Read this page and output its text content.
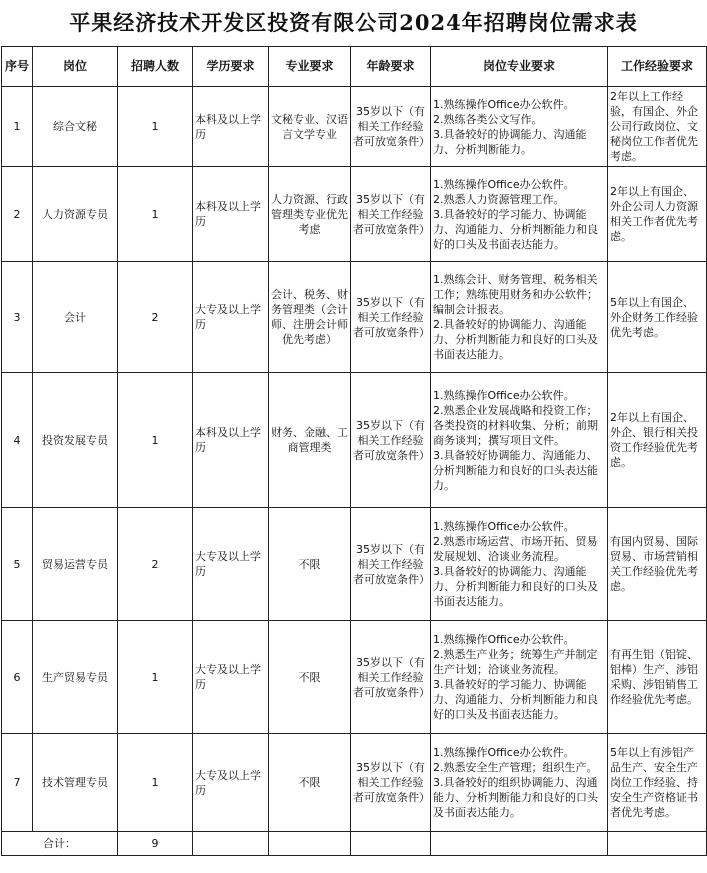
平果经济技术开发区投资有限公司2024年招聘岗位需求表
序号	岗位	招聘人数	学历要求	专业要求	年龄要求	岗位专业要求	工作经验要求
1	综合文秘	1	本科及以上学历	文秘专业、汉语言文学专业	35岁以下（有相关工作经验者可放宽条件）	1.熟练操作Office办公软件。
2.熟练各类公文写作。
3.具备较好的协调能力、沟通能力、分析判断能力。	2年以上工作经验，有国企、外企公司行政岗位、文秘岗位工作者优先考虑。
2	人力资源专员	1	本科及以上学历	人力资源、行政管理类专业优先考虑	35岁以下（有相关工作经验者可放宽条件）	1.熟练操作Office办公软件。
2.熟悉人力资源管理工作。
3.具备较好的学习能力、协调能力、沟通能力、分析判断能力和良好的口头及书面表达能力。	2年以上有国企、外企公司人力资源相关工作者优先考虑。
3	会计	2	大专及以上学历	会计、税务、财务管理类（会计师、注册会计师优先考虑）	35岁以下（有相关工作经验者可放宽条件）	1.熟练会计、财务管理、税务相关工作；熟练使用财务和办公软件；编制会计报表。
2.具备较好的协调能力、沟通能力、分析判断能力和良好的口头及书面表达能力。	5年以上有国企、外企财务工作经验优先考虑。
4	投资发展专员	1	本科及以上学历	财务、金融、工商管理类	35岁以下（有相关工作经验者可放宽条件）	1.熟练操作Office办公软件。
2.熟悉企业发展战略和投资工作；各类投资的材料收集、分析；前期商务谈判；撰写项目文件。
3.具备较好协调能力、沟通能力、分析判断能力和良好的口头表达能力。	2年以上有国企、外企、银行相关投资工作经验优先考虑。
5	贸易运营专员	2	大专及以上学历	不限	35岁以下（有相关工作经验者可放宽条件）	1.熟练操作Office办公软件。
2.熟悉市场运营、市场开拓、贸易发展规划、洽谈业务流程。
3.具备较好的协调能力、沟通能力、分析判断能力和良好的口头及书面表达能力。	有国内贸易、国际贸易、市场营销相关工作经验优先考虑。
6	生产贸易专员	1	大专及以上学历	不限	35岁以下（有相关工作经验者可放宽条件）	1.熟练操作Office办公软件。
2.熟悉生产业务；统筹生产并制定生产计划；洽谈业务流程。
3.具备较好的学习能力、协调能力、沟通能力、分析判断能力和良好的口头及书面表达能力。	有再生铝（铝锭、铝棒）生产、涉铝采购、涉铝销售工作经验优先考虑。
7	技术管理专员	1	大专及以上学历	不限	35岁以下（有相关工作经验者可放宽条件）	1.熟练操作Office办公软件。
2.熟悉安全生产管理；组织生产。
3.具备较好的组织协调能力、沟通能力、分析判断能力和良好的口头及书面表达能力。	5年以上有涉铝产品生产、安全生产岗位工作经验、持安全生产资格证书者优先考虑。
合计：		9					
